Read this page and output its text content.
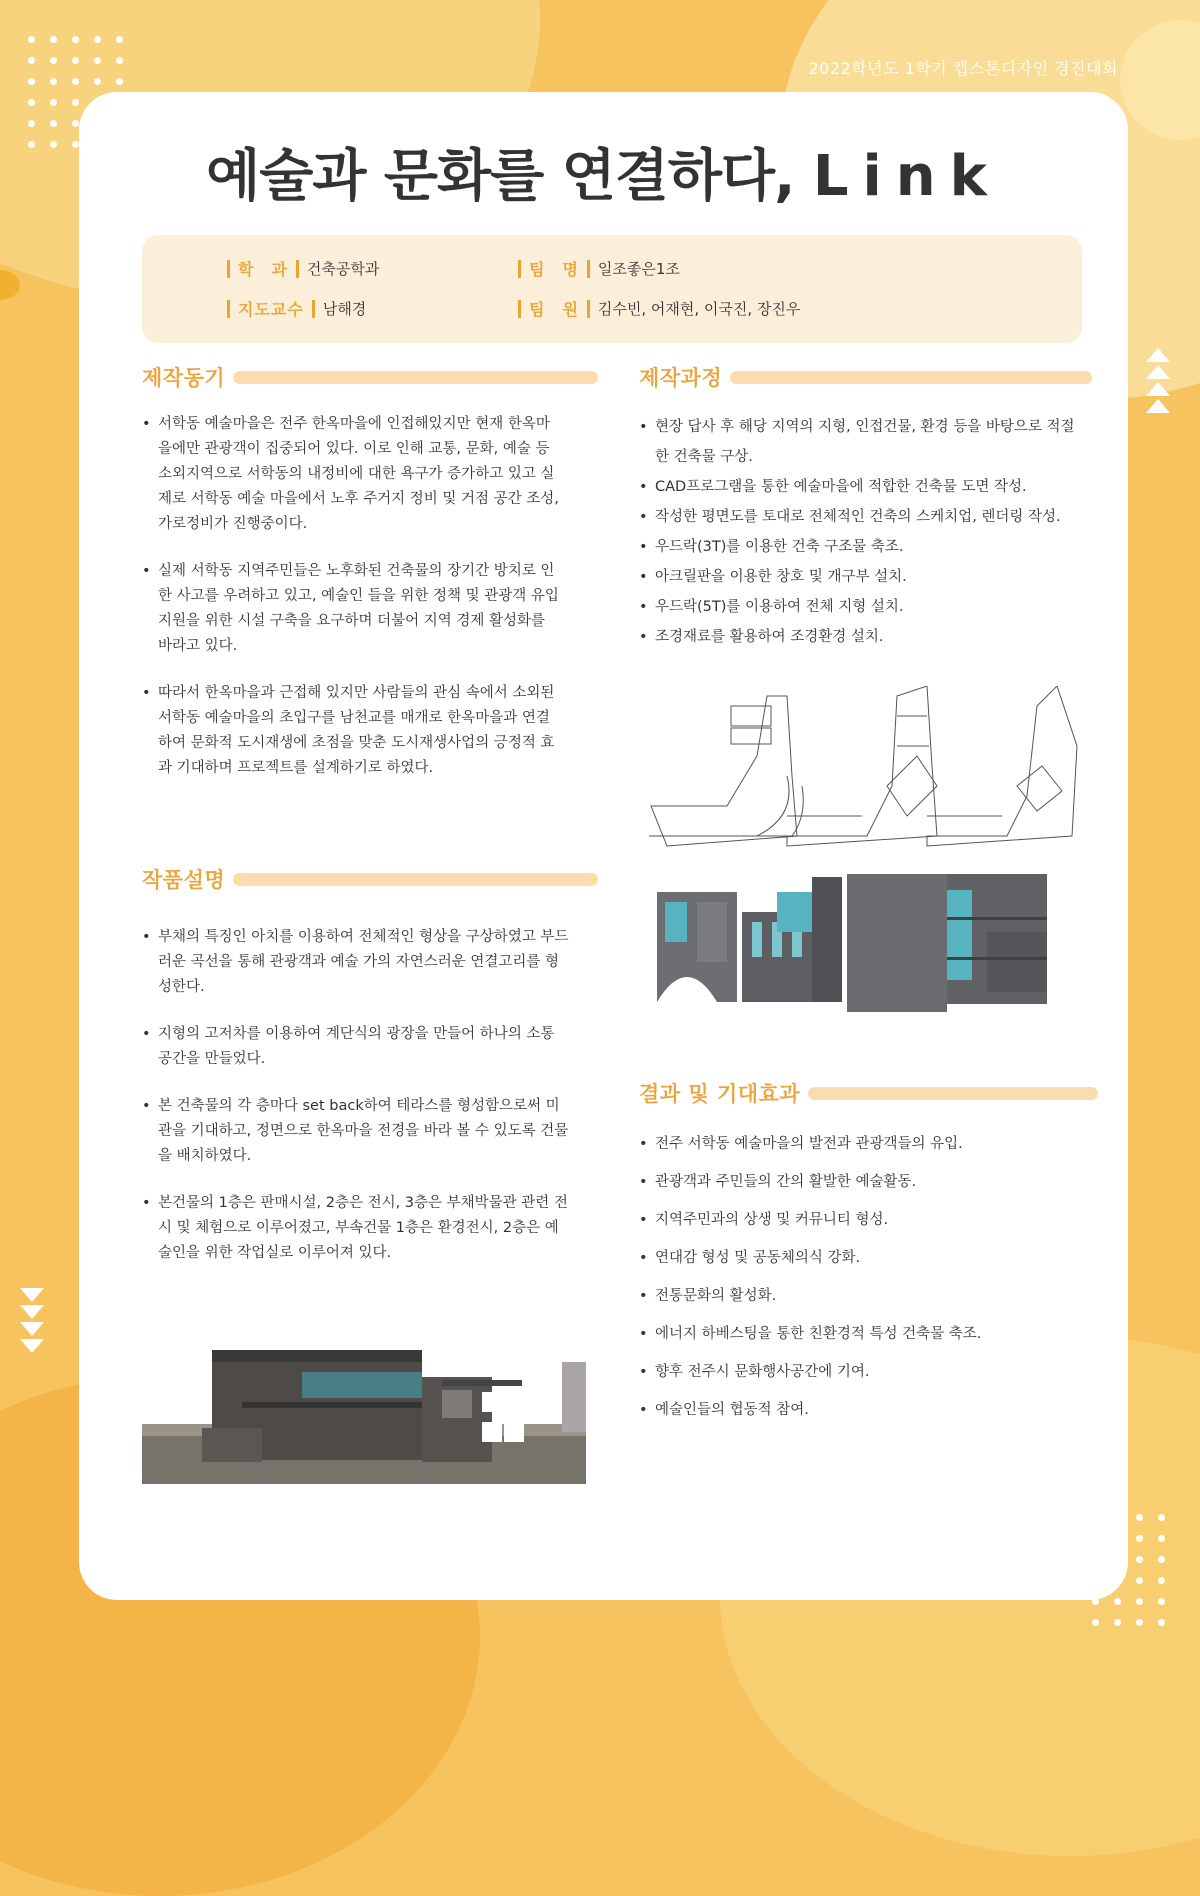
2022학년도 1학기 캡스톤디자인 경진대회
예술과 문화를 연결하다, Link
학　과 건축공학과	팀　명 일조좋은1조
지도교수 남해경	팀　원 김수빈, 어재현, 이국진, 장진우
제작동기
• 서학동 예술마을은 전주 한옥마을에 인접해있지만 현재 한옥마을에만 관광객이 집중되어 있다. 이로 인해 교통, 문화, 예술 등 소외지역으로 서학동의 내정비에 대한 욕구가 증가하고 있고 실제로 서학동 예술 마을에서 노후 주거지 정비 및 거점 공간 조성, 가로정비가 진행중이다.
• 실제 서학동 지역주민들은 노후화된 건축물의 장기간 방치로 인한 사고를 우려하고 있고, 예술인 들을 위한 정책 및 관광객 유입 지원을 위한 시설 구축을 요구하며 더불어 지역 경제 활성화를 바라고 있다.
• 따라서 한옥마을과 근접해 있지만 사람들의 관심 속에서 소외된 서학동 예술마을의 초입구를 남천교를 매개로 한옥마을과 연결하여 문화적 도시재생에 초점을 맞춘 도시재생사업의 긍정적 효과 기대하며 프로젝트를 설계하기로 하였다.
작품설명
• 부채의 특징인 아치를 이용하여 전체적인 형상을 구상하였고 부드러운 곡선을 통해 관광객과 예술 가의 자연스러운 연결고리를 형성한다.
• 지형의 고저차를 이용하여 계단식의 광장을 만들어 하나의 소통 공간을 만들었다.
• 본 건축물의 각 층마다 set back하여 테라스를 형성함으로써 미관을 기대하고, 정면으로 한옥마을 전경을 바라 볼 수 있도록 건물을 배치하였다.
• 본건물의 1층은 판매시설, 2층은 전시, 3층은 부채박물관 관련 전시 및 체험으로 이루어졌고, 부속건물 1층은 환경전시, 2층은 예술인을 위한 작업실로 이루어져 있다.
제작과정
• 현장 답사 후 해당 지역의 지형, 인접건물, 환경 등을 바탕으로 적절한 건축물 구상.
• CAD프로그램을 통한 예술마을에 적합한 건축물 도면 작성.
• 작성한 평면도를 토대로 전체적인 건축의 스케치업, 렌더링 작성.
• 우드락(3T)를 이용한 건축 구조물 축조.
• 아크릴판을 이용한 창호 및 개구부 설치.
• 우드락(5T)를 이용하여 전체 지형 설치.
• 조경재료를 활용하여 조경환경 설치.
결과 및 기대효과
• 전주 서학동 예술마을의 발전과 관광객들의 유입.
• 관광객과 주민들의 간의 활발한 예술활동.
• 지역주민과의 상생 및 커뮤니티 형성.
• 연대감 형성 및 공동체의식 강화.
• 전통문화의 활성화.
• 에너지 하베스팅을 통한 친환경적 특성 건축물 축조.
• 향후 전주시 문화행사공간에 기여.
• 예술인들의 협동적 참여.
